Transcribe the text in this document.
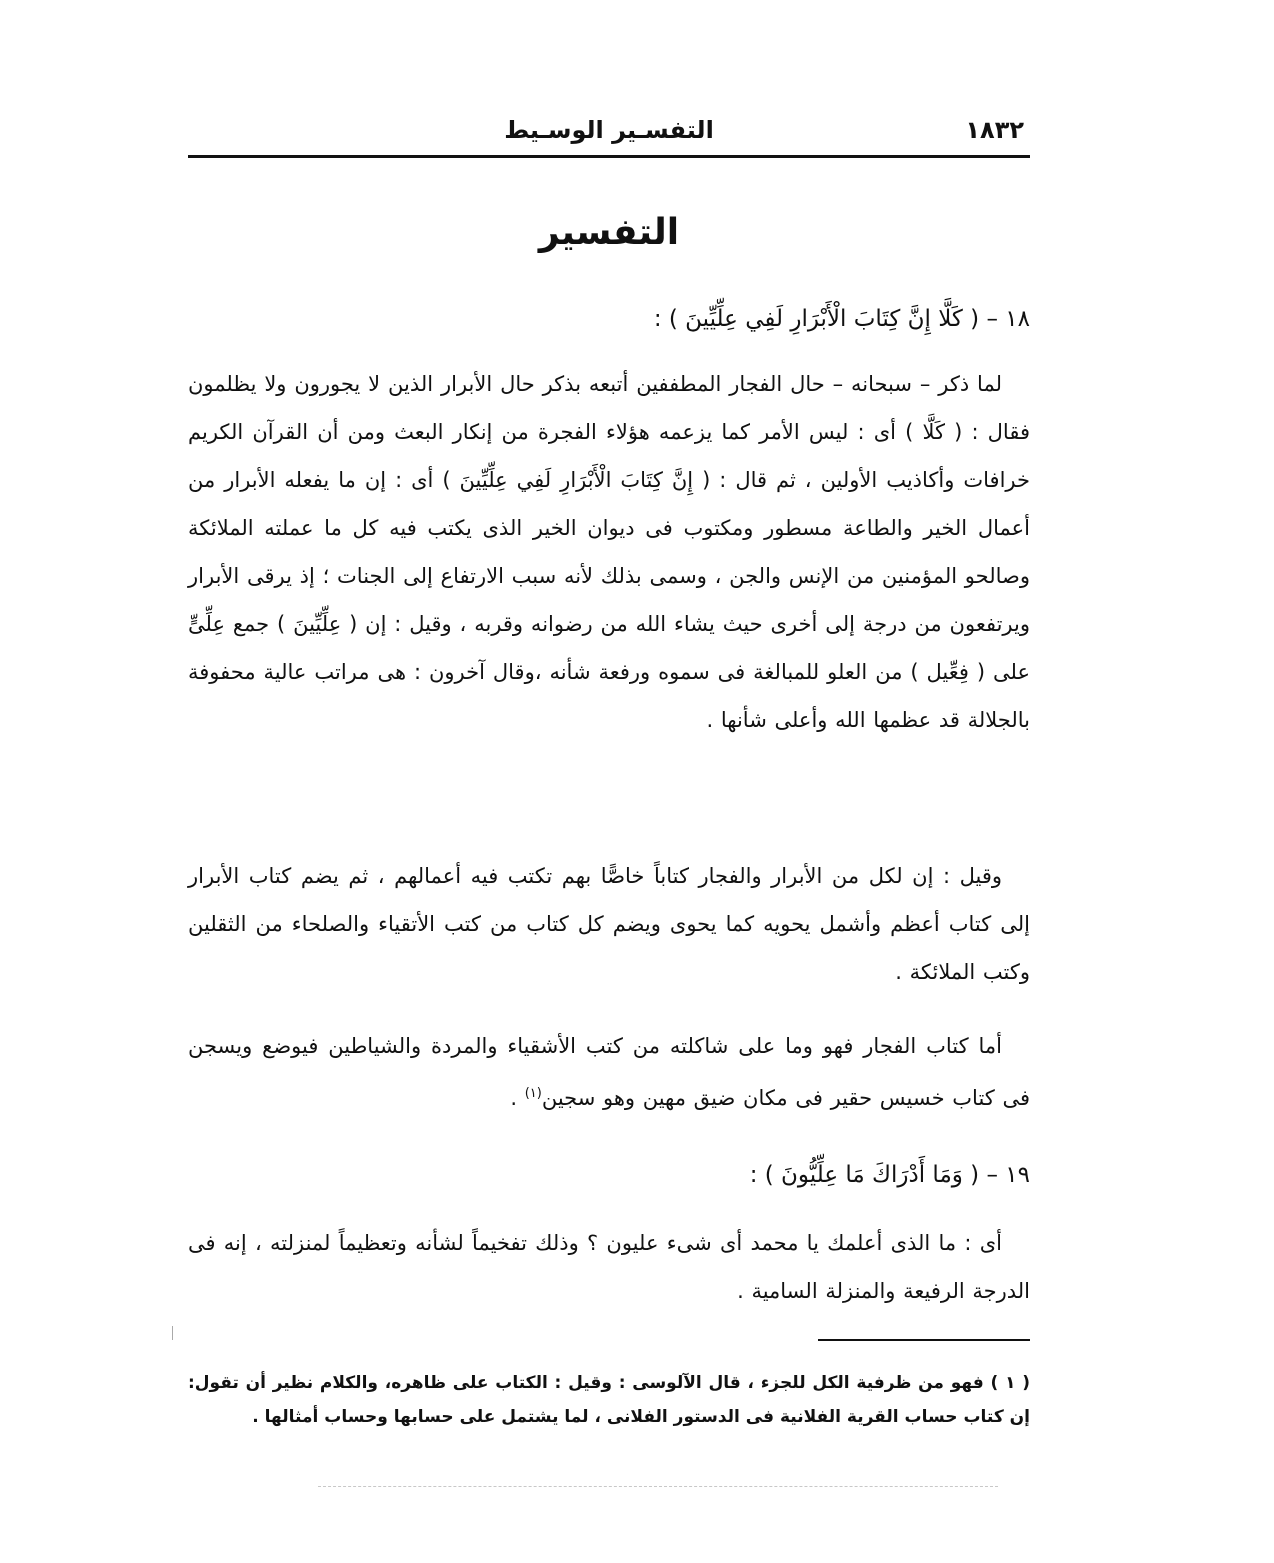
١٨٣٢
التفسـير الوسـيط
التفسير
١٨ – ( كَلَّا إِنَّ كِتَابَ الْأَبْرَارِ لَفِي عِلِّيِّينَ ) :
لما ذكر – سبحانه – حال الفجار المطففين أتبعه بذكر حال الأبرار الذين لا يجورون ولا يظلمون فقال : ( كَلَّا ) أى : ليس الأمر كما يزعمه هؤلاء الفجرة من إنكار البعث ومن أن القرآن الكريم خرافات وأكاذيب الأولين ، ثم قال : ( إِنَّ كِتَابَ الْأَبْرَارِ لَفِي عِلِّيِّينَ ) أى : إن ما يفعله الأبرار من أعمال الخير والطاعة مسطور ومكتوب فى ديوان الخير الذى يكتب فيه كل ما عملته الملائكة وصالحو المؤمنين من الإنس والجن ، وسمى بذلك لأنه سبب الارتفاع إلى الجنات ؛ إذ يرقى الأبرار ويرتفعون من درجة إلى أخرى حيث يشاء الله من رضوانه وقربه ، وقيل : إن ( عِلِّيِّينَ ) جمع عِلِّىٍّ على ( فِعِّيل ) من العلو للمبالغة فى سموه ورفعة شأنه ،وقال آخرون : هى مراتب عالية محفوفة بالجلالة قد عظمها الله وأعلى شأنها .
وقيل : إن لكل من الأبرار والفجار كتاباً خاصًّا بهم تكتب فيه أعمالهم ، ثم يضم كتاب الأبرار إلى كتاب أعظم وأشمل يحويه كما يحوى ويضم كل كتاب من كتب الأتقياء والصلحاء من الثقلين وكتب الملائكة .
أما كتاب الفجار فهو وما على شاكلته من كتب الأشقياء والمردة والشياطين فيوضع ويسجن فى كتاب خسيس حقير فى مكان ضيق مهين وهو سجين$^{(١)}$ .
١٩ – ( وَمَا أَدْرَاكَ مَا عِلِّيُّونَ ) :
أى : ما الذى أعلمك يا محمد أى شىء عليون ؟ وذلك تفخيماً لشأنه وتعظيماً لمنزلته ، إنه فى الدرجة الرفيعة والمنزلة السامية .
( ١ ) فهو من ظرفية الكل للجزء ، قال الآلوسى : وقيل : الكتاب على ظاهره، والكلام نظير أن تقول: إن كتاب حساب القرية الفلانية فى الدستور الفلانى ، لما يشتمل على حسابها وحساب أمثالها .
